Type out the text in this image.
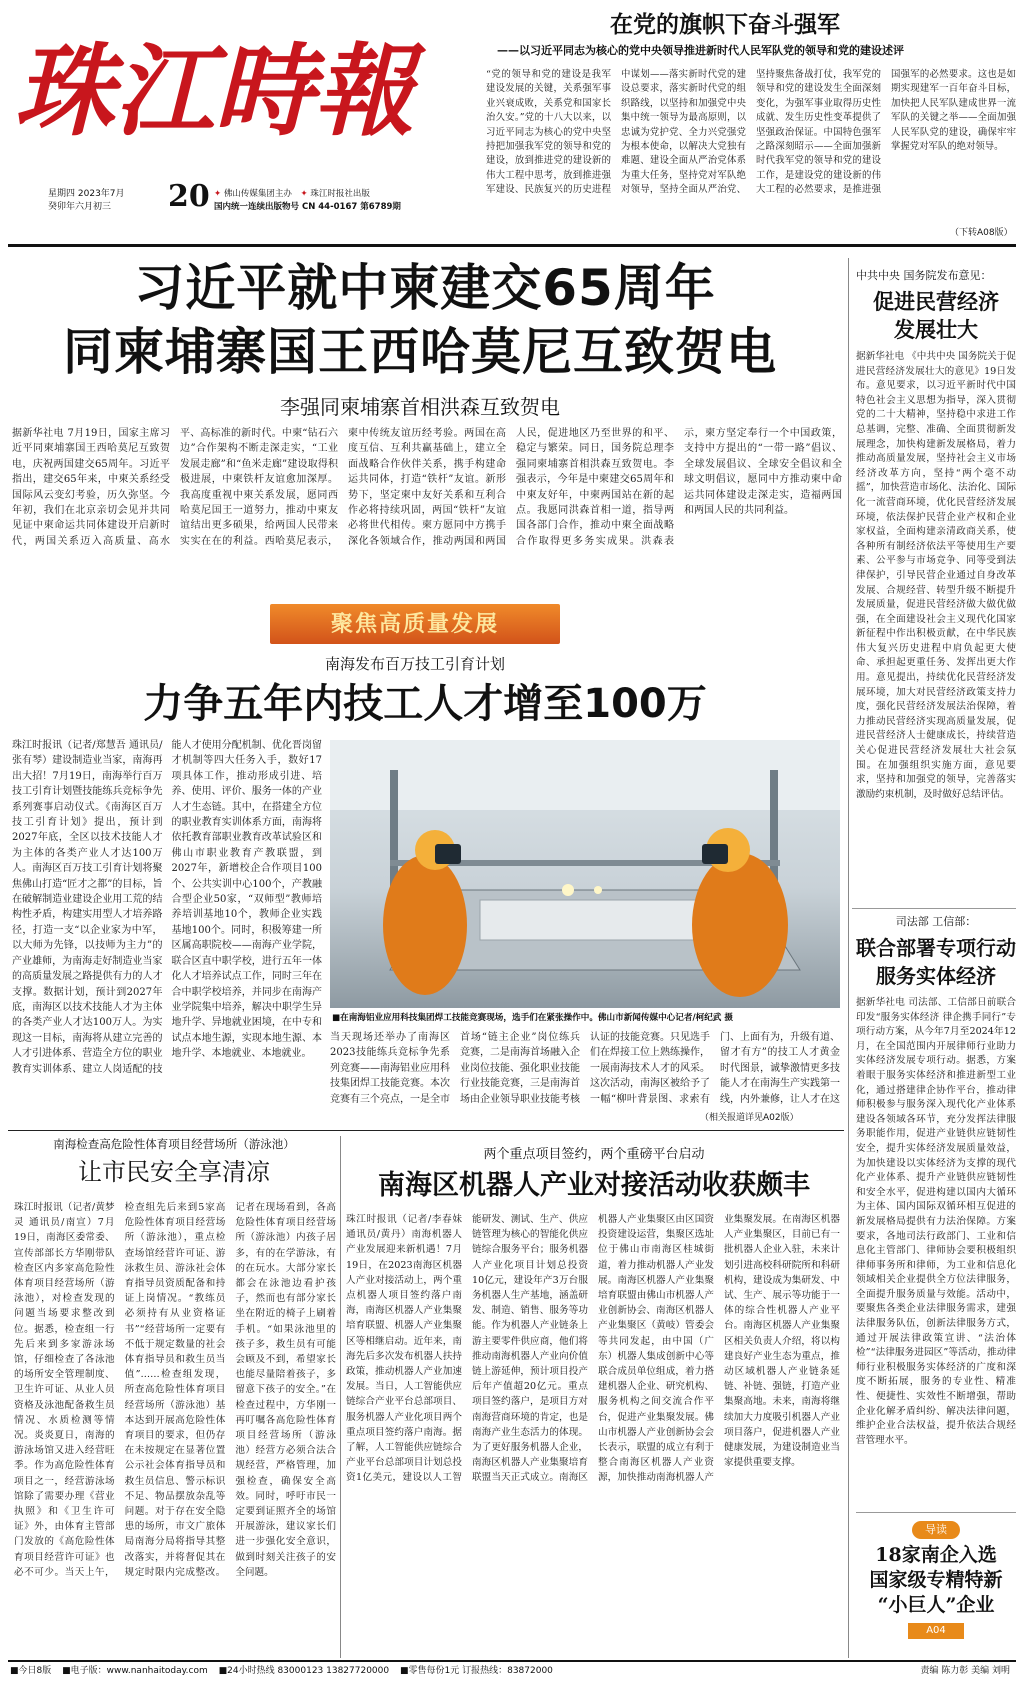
珠江時報
星期四 2023年7月
癸卯年六月初三	20 ✦ 佛山传媒集团主办 ✦ 珠江时报社出版
国内统一连续出版物号 CN 44-0167 第6789期
在党的旗帜下奋斗强军
——以习近平同志为核心的党中央领导推进新时代人民军队党的领导和党的建设述评
“党的领导和党的建设是我军建设发展的关键，关系强军事业兴衰成败，关系党和国家长治久安。”党的十八大以来，以习近平同志为核心的党中央坚持把加强我军党的领导和党的建设，放到推进党的建设新的伟大工程中思考，放到推进强军建设、民族复兴的历史进程中谋划——落实新时代党的建设总要求，落实新时代党的组织路线，以坚持和加强党中央集中统一领导为最高原则，以忠诚为党护党、全力兴党强党为根本使命，以解决大党独有难题、建设全面从严治党体系为重大任务，坚持党对军队绝对领导，坚持全面从严治党、坚持聚焦备战打仗，我军党的领导和党的建设发生全面深刻变化，为强军事业取得历史性成就、发生历史性变革提供了坚强政治保证。中国特色强军之路深刻昭示——全面加强新时代我军党的领导和党的建设工作，是建设党的建设新的伟大工程的必然要求，是推进强国强军的必然要求。这也是如期实现建军一百年奋斗目标，加快把人民军队建成世界一流军队的关键之举——全面加强人民军队党的建设，确保牢牢掌握党对军队的绝对领导。
（下转A08版）
习近平就中柬建交65周年
同柬埔寨国王西哈莫尼互致贺电
李强同柬埔寨首相洪森互致贺电
据新华社电 7月19日，国家主席习近平同柬埔寨国王西哈莫尼互致贺电，庆祝两国建交65周年。习近平指出，建交65年来，中柬关系经受国际风云变幻考验，历久弥坚。今年初，我们在北京亲切会见并共同见证中柬命运共同体建设开启新时代，两国关系迈入高质量、高水平、高标准的新时代。中柬“钻石六边”合作架构不断走深走实，“工业发展走廊”和“鱼米走廊”建设取得积极进展，中柬铁杆友谊愈加深厚。我高度重视中柬关系发展，愿同西哈莫尼国王一道努力，推动中柬友谊结出更多硕果，给两国人民带来实实在在的利益。西哈莫尼表示，柬中传统友谊历经考验。两国在高度互信、互利共赢基础上，建立全面战略合作伙伴关系，携手构建命运共同体，打造“铁杆”友谊。新形势下，坚定柬中友好关系和互利合作必将持续巩固，两国“铁杆”友谊必将世代相传。柬方愿同中方携手深化各领域合作，推动两国和两国人民，促进地区乃至世界的和平、稳定与繁荣。同日，国务院总理李强同柬埔寨首相洪森互致贺电。李强表示，今年是中柬建交65周年和中柬友好年，中柬两国站在新的起点。我愿同洪森首相一道，指导两国各部门合作，推动中柬全面战略合作取得更多务实成果。洪森表示，柬方坚定奉行一个中国政策，支持中方提出的“一带一路”倡议、全球发展倡议、全球安全倡议和全球文明倡议，愿同中方推动柬中命运共同体建设走深走实，造福两国和两国人民的共同利益。
中共中央 国务院发布意见：
促进民营经济
发展壮大
据新华社电 《中共中央 国务院关于促进民营经济发展壮大的意见》19日发布。意见要求，以习近平新时代中国特色社会主义思想为指导，深入贯彻党的二十大精神，坚持稳中求进工作总基调，完整、准确、全面贯彻新发展理念，加快构建新发展格局，着力推动高质量发展，坚持社会主义市场经济改革方向，坚持“两个毫不动摇”，加快营造市场化、法治化、国际化一流营商环境，优化民营经济发展环境，依法保护民营企业产权和企业家权益，全面构建亲清政商关系，使各种所有制经济依法平等使用生产要素、公平参与市场竞争、同等受到法律保护，引导民营企业通过自身改革发展、合规经营、转型升级不断提升发展质量，促进民营经济做大做优做强，在全面建设社会主义现代化国家新征程中作出积极贡献，在中华民族伟大复兴历史进程中肩负起更大使命、承担起更重任务、发挥出更大作用。意见提出，持续优化民营经济发展环境，加大对民营经济政策支持力度，强化民营经济发展法治保障，着力推动民营经济实现高质量发展，促进民营经济人士健康成长，持续营造关心促进民营经济发展壮大社会氛围。在加强组织实施方面，意见要求，坚持和加强党的领导，完善落实激励约束机制，及时做好总结评估。
司法部 工信部：
联合部署专项行动
服务实体经济
据新华社电 司法部、工信部日前联合印发“服务实体经济 律企携手同行”专项行动方案，从今年7月至2024年12月，在全国范围内开展律师行业助力实体经济发展专项行动。据悉，方案着眼于服务实体经济和推进新型工业化，通过搭建律企协作平台，推动律师积极参与服务深入现代化产业体系建设各领域各环节，充分发挥法律服务职能作用，促进产业链供应链韧性安全，提升实体经济发展质量效益，为加快建设以实体经济为支撑的现代化产业体系、提升产业链供应链韧性和安全水平，促进构建以国内大循环为主体、国内国际双循环相互促进的新发展格局提供有力法治保障。方案要求，各地司法行政部门、工业和信息化主管部门、律师协会要积极组织律师事务所和律师，为工业和信息化领域相关企业提供全方位法律服务，全面提升服务质量与效能。活动中，要聚焦各类企业法律服务需求，建强法律服务队伍，创新法律服务方式，通过开展法律政策宣讲、“法治体检”“法律服务进园区”等活动，推动律师行业积极服务实体经济的广度和深度不断拓展，服务的专业性、精准性、便捷性、实效性不断增强，帮助企业化解矛盾纠纷、解决法律问题，维护企业合法权益，提升依法合规经营管理水平。
导读
18家南企入选
国家级专精特新
“小巨人”企业
A04
聚焦高质量发展
南海发布百万技工引育计划
力争五年内技工人才增至100万
珠江时报讯（记者/郑慧吾 通讯员/张有琴）建设制造业当家，南海再出大招！7月19日，南海举行百万技工引育计划暨技能练兵竞标争先系列赛事启动仪式。《南海区百万技工引育计划》提出，预计到2027年底，全区以技术技能人才为主体的各类产业人才达100万人。南海区百万技工引育计划将聚焦佛山打造“匠才之都”的目标，旨在破解制造业建设企业用工荒的结构性矛盾，构建实用型人才培养路径，打造一支“以企业家为中军，以大师为先锋，以技师为主力”的产业雄师，为南海走好制造业当家的高质量发展之路提供有力的人才支撑。数据计划，预计到2027年底，南海区以技术技能人才为主体的各类产业人才达100万人。为实现这一目标，南海将从建立完善的人才引进体系、营造全方位的职业教育实训体系、建立人岗适配的技能人才使用分配机制、优化晋岗留才机制等四大任务入手，数好17项具体工作，推动形成引进、培养、使用、评价、服务一体的产业人才生态链。其中，在搭建全方位的职业教育实训体系方面，南海将依托教育部职业教育改革试验区和佛山市职业教育产教联盟，到2027年，新增校企合作项目100个、公共实训中心100个，产教融合型企业50家，“双师型”教师培养培训基地10个，教师企业实践基地100个。同时，积极筹建一所区属高职院校——南海产业学院，联合区直中职学校，进行五年一体化人才培养试点工作，同时三年在合中职学校培养，并同步在南海产业学院集中培养，解决中职学生异地升学、异地就业困境，在中专和试点本地生源，实现本地生源、本地升学、本地就业、本地就业。
■在南海铝业应用科技集团焊工技能竞赛现场，选手们在紧张操作中。佛山市新闻传媒中心记者/柯纪武 摄
当天现场还举办了南海区2023技能练兵竞标争先系列竞赛——南海铝业应用科技集团焊工技能竞赛。本次竞赛有三个亮点，一是全市首场“链主企业”岗位练兵竞赛，二是南海首场融入企业岗位技能、强化职业技能行业技能竞赛，三是南海首场由企业领导职业技能考核认证的技能竞赛。只见选手们在焊接工位上熟练操作，一展南海技术人才的风采。这次活动，南海区被给予了一幅“柳叶背景图、求索有门、上面有为，升级有道、留才有方”的技工人才黄金时代图景，诚挚激情更多技能人才在南海生产实践第一线，内外兼修，让人才在这
（相关报道详见A02版）
南海检查高危险性体育项目经营场所（游泳池）
让市民安全享清凉
珠江时报讯（记者/黄梦灵 通讯员/南宣）7月19日，南海区委常委、宣传部部长方华刚带队检查区内多家高危险性体育项目经营场所（游泳池），对检查发现的问题当场要求整改到位。据悉，检查组一行先后来到多家游泳场馆，仔细检查了各泳池的场所安全管理制度、卫生许可证、从业人员资格及泳池配备救生员情况、水质检测等情况。炎炎夏日，南海的游泳场馆又进入经营旺季。作为高危险性体育项目之一，经营游泳场馆除了需要办理《营业执照》和《卫生许可证》外，由体育主管部门发放的《高危险性体育项目经营许可证》也必不可少。当天上午，检查组先后来到5家高危险性体育项目经营场所（游泳池），重点检查场馆经营许可证、游泳救生员、游泳社会体育指导员资质配备和持证上岗情况。“教练员必须持有从业资格证书”“经营场所一定要有不低于规定数量的社会体育指导员和救生员当值”……检查组发现，所查高危险性体育项目经营场所（游泳池）基本达到开展高危险性体育项目的要求，但仍存在未按规定在显著位置公示社会体育指导员和救生员信息、警示标识不足、物品摆放杂乱等问题。对于存在安全隐患的场所，市文广旅体局南海分局将指导其整改落实，并将督促其在规定时限内完成整改。记者在现场看到，各高危险性体育项目经营场所（游泳池）内孩子居多，有的在学游泳，有的在玩水。大部分家长都会在泳池边看护孩子，然而也有部分家长坐在附近的椅子上刷着手机。“如果泳池里的孩子多，救生员有可能会顾及不到，希望家长也能尽量陪着孩子，多留意下孩子的安全。”在检查过程中，方华刚一再叮嘱各高危险性体育项目经营场所（游泳池）经营方必须合法合规经营，严格管理，加强检查，确保安全高效。同时，呼吁市民一定要到证照齐全的场馆开展游泳，建议家长们进一步强化安全意识，做到时刻关注孩子的安全问题。
两个重点项目签约，两个重磅平台启动
南海区机器人产业对接活动收获颇丰
珠江时报讯（记者/李春妹 通讯员/黄丹）南海机器人产业发展迎来新机遇！7月19日，在2023南海区机器人产业对接活动上，两个重点机器人项目签约落户南海，南海区机器人产业集聚培育联盟、机器人产业集聚区等相继启动。近年来，南海先后多次发布机器人扶持政策，推动机器人产业加速发展。当日，人工智能供应链综合产业平台总部项目、服务机器人产业化项目两个重点项目签约落户南海。据了解，人工智能供应链综合产业平台总部项目计划总投资1亿美元，建设以人工智能研发、测试、生产、供应链管理为核心的智能化供应链综合服务平台；服务机器人产业化项目计划总投资10亿元，建设年产3万台服务机器人生产基地，涵盖研发、制造、销售、服务等功能。作为机器人产业链条上游主要零件供应商，他们将推动南海机器人产业向价值链上游延伸，预计项目投产后年产值超20亿元。重点项目签约落户，是项目方对南海营商环境的肯定，也是南海产业生态活力的体现。为了更好服务机器人企业，南海区机器人产业集聚培育联盟当天正式成立。南海区机器人产业集聚区由区国资投资建设运营，集聚区选址位于佛山市南海区桂城街道，着力推动机器人产业发展。南海区机器人产业集聚培育联盟由佛山市机器人产业创新协会、南海区机器人产业集聚区（黄岐）管委会等共同发起，由中国（广东）机器人集成创新中心等联合成员单位组成，着力搭建机器人企业、研究机构、服务机构之间交流合作平台，促进产业集聚发展。佛山市机器人产业创新协会会长表示，联盟的成立有利于整合南海区机器人产业资源，加快推动南海机器人产业集聚发展。在南海区机器人产业集聚区，目前已有一批机器人企业入驻，未来计划引进高校科研院所和科研机构，建设成为集研发、中试、生产、展示等功能于一体的综合性机器人产业平台。南海区机器人产业集聚区相关负责人介绍，将以构建良好产业生态为重点，推动区域机器人产业链条延链、补链、强链，打造产业集聚高地。未来，南海将继续加大力度吸引机器人产业项目落户，促进机器人产业健康发展，为建设制造业当家提供重要支撑。
■今日8版 ■电子版：www.nanhaitoday.com ■24小时热线 83000123 13827720000 ■零售每份1元 订报热线：83872000	责编 陈力彰 美编 刘明
